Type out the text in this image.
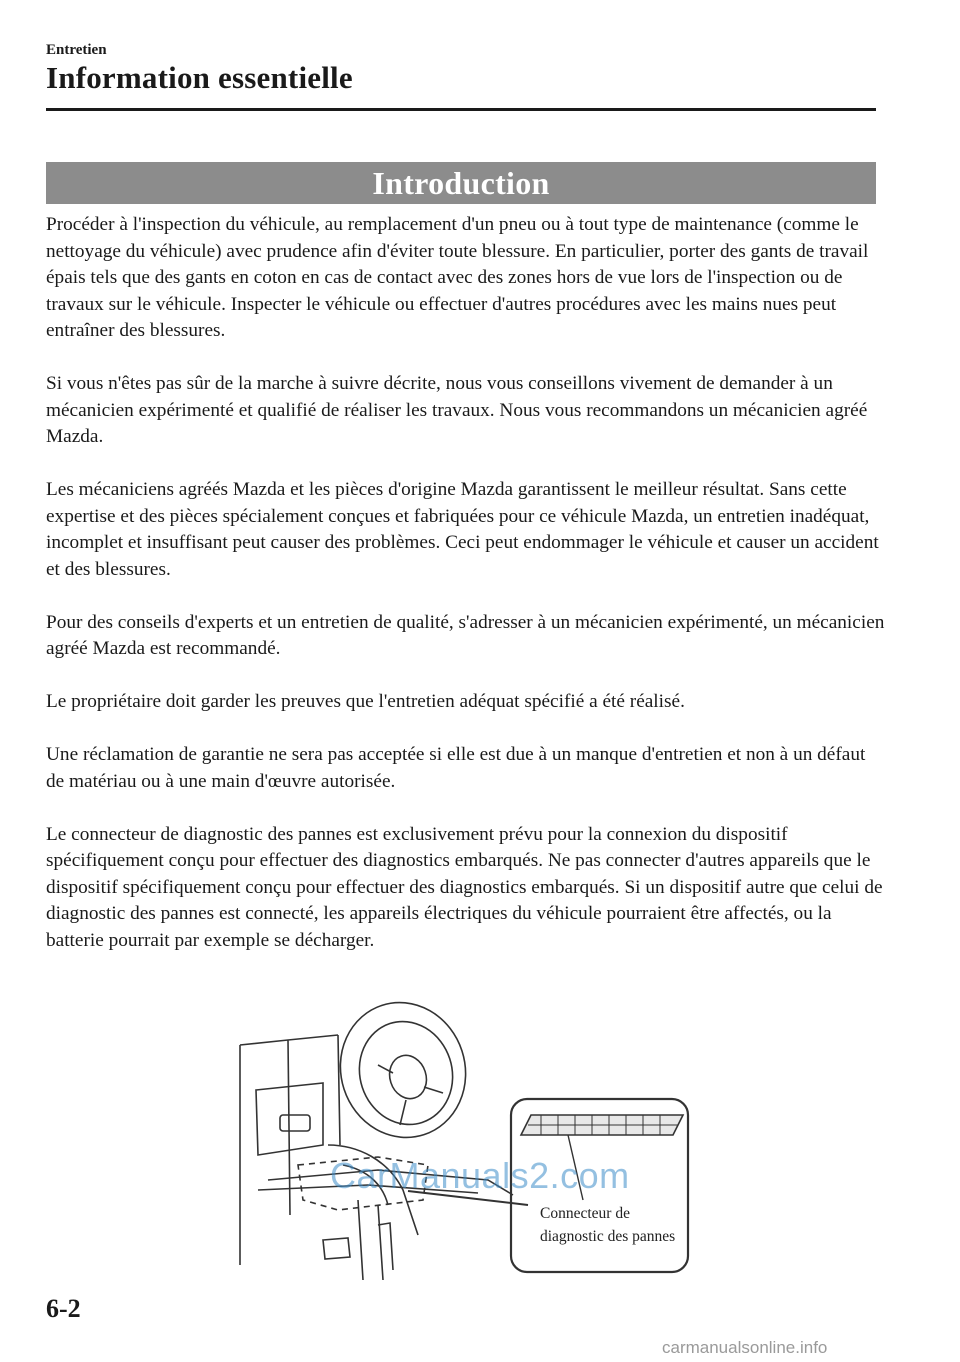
Entretien
Information essentielle
Introduction

Procéder à l'inspection du véhicule, au remplacement d'un pneu ou à tout type de maintenance (comme le nettoyage du véhicule) avec prudence afin d'éviter toute blessure. En particulier, porter des gants de travail épais tels que des gants en coton en cas de contact avec des zones hors de vue lors de l'inspection ou de travaux sur le véhicule. Inspecter le véhicule ou effectuer d'autres procédures avec les mains nues peut entraîner des blessures.

Si vous n'êtes pas sûr de la marche à suivre décrite, nous vous conseillons vivement de demander à un mécanicien expérimenté et qualifié de réaliser les travaux. Nous vous recommandons un mécanicien agréé Mazda.

Les mécaniciens agréés Mazda et les pièces d'origine Mazda garantissent le meilleur résultat. Sans cette expertise et des pièces spécialement conçues et fabriquées pour ce véhicule Mazda, un entretien inadéquat, incomplet et insuffisant peut causer des problèmes. Ceci peut endommager le véhicule et causer un accident et des blessures.

Pour des conseils d'experts et un entretien de qualité, s'adresser à un mécanicien expérimenté, un mécanicien agréé Mazda est recommandé.

Le propriétaire doit garder les preuves que l'entretien adéquat spécifié a été réalisé.

Une réclamation de garantie ne sera pas acceptée si elle est due à un manque d'entretien et non à un défaut de matériau ou à une main d'œuvre autorisée.

Le connecteur de diagnostic des pannes est exclusivement prévu pour la connexion du dispositif spécifiquement conçu pour effectuer des diagnostics embarqués. Ne pas connecter d'autres appareils que le dispositif spécifiquement conçu pour effectuer des diagnostics embarqués. Si un dispositif autre que celui de diagnostic des pannes est connecté, les appareils électriques du véhicule pourraient être affectés, ou la batterie pourrait par exemple se décharger.

Connecteur de diagnostic des pannes
CarManuals2.com
6-2
carmanualsonline.info
